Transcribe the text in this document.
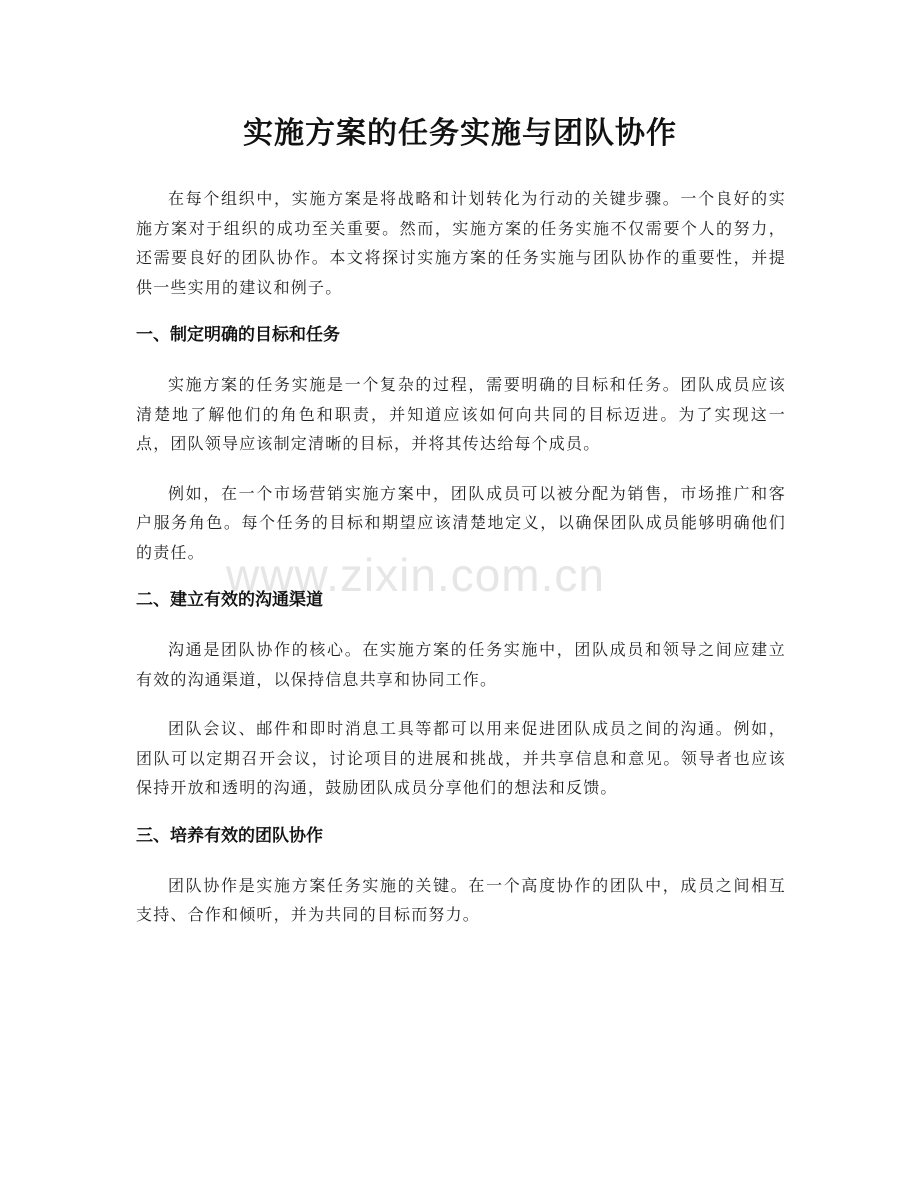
实施方案的任务实施与团队协作

在每个组织中，实施方案是将战略和计划转化为行动的关键步骤。一个良好的实施方案对于组织的成功至关重要。然而，实施方案的任务实施不仅需要个人的努力，还需要良好的团队协作。本文将探讨实施方案的任务实施与团队协作的重要性，并提供一些实用的建议和例子。

一、制定明确的目标和任务

实施方案的任务实施是一个复杂的过程，需要明确的目标和任务。团队成员应该清楚地了解他们的角色和职责，并知道应该如何向共同的目标迈进。为了实现这一点，团队领导应该制定清晰的目标，并将其传达给每个成员。

例如，在一个市场营销实施方案中，团队成员可以被分配为销售，市场推广和客户服务角色。每个任务的目标和期望应该清楚地定义，以确保团队成员能够明确他们的责任。

二、建立有效的沟通渠道

沟通是团队协作的核心。在实施方案的任务实施中，团队成员和领导之间应建立有效的沟通渠道，以保持信息共享和协同工作。

团队会议、邮件和即时消息工具等都可以用来促进团队成员之间的沟通。例如，团队可以定期召开会议，讨论项目的进展和挑战，并共享信息和意见。领导者也应该保持开放和透明的沟通，鼓励团队成员分享他们的想法和反馈。

三、培养有效的团队协作

团队协作是实施方案任务实施的关键。在一个高度协作的团队中，成员之间相互支持、合作和倾听，并为共同的目标而努力。

www.zixin.com.cn
